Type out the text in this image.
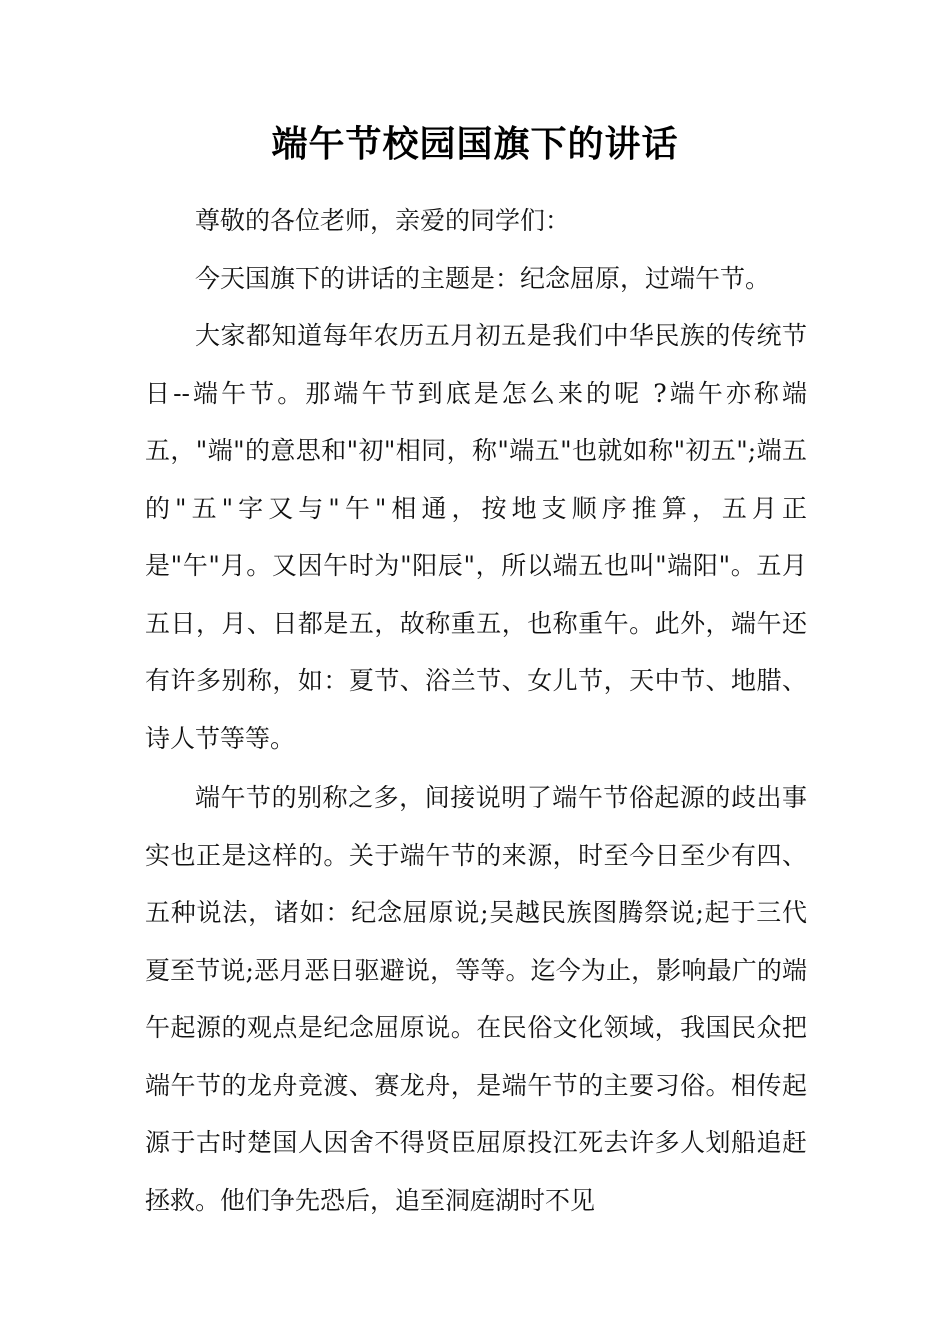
端午节校园国旗下的讲话

尊敬的各位老师，亲爱的同学们：

今天国旗下的讲话的主题是：纪念屈原，过端午节。

大家都知道每年农历五月初五是我们中华民族的传统节日--端午节。那端午节到底是怎么来的呢 ?端午亦称端五，"端"的意思和"初"相同，称"端五"也就如称"初五";端五的"五"字又与"午"相通，按地支顺序推算，五月正是"午"月。又因午时为"阳辰"，所以端五也叫"端阳"。五月五日，月、日都是五，故称重五，也称重午。此外，端午还有许多别称，如：夏节、浴兰节、女儿节，天中节、地腊、诗人节等等。

端午节的别称之多，间接说明了端午节俗起源的歧出事实也正是这样的。关于端午节的来源，时至今日至少有四、五种说法，诸如：纪念屈原说;吴越民族图腾祭说;起于三代夏至节说;恶月恶日驱避说，等等。迄今为止，影响最广的端午起源的观点是纪念屈原说。在民俗文化领域，我国民众把端午节的龙舟竞渡、赛龙舟，是端午节的主要习俗。相传起源于古时楚国人因舍不得贤臣屈原投江死去许多人划船追赶拯救。他们争先恐后，追至洞庭湖时不见
